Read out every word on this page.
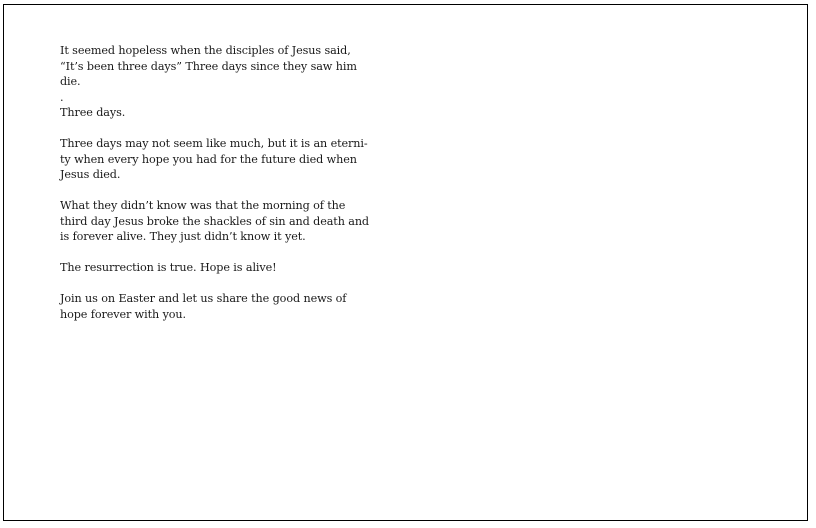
It seemed hopeless when the disciples of Jesus said,
“It’s been three days” Three days since they saw him
die.
.

Three days.

Three days may not seem like much, but it is an eterni-
ty when every hope you had for the future died when
Jesus died.

What they didn’t know was that the morning of the
third day Jesus broke the shackles of sin and death and
is forever alive. They just didn’t know it yet.

The resurrection is true. Hope is alive!

Join us on Easter and let us share the good news of
hope forever with you.
